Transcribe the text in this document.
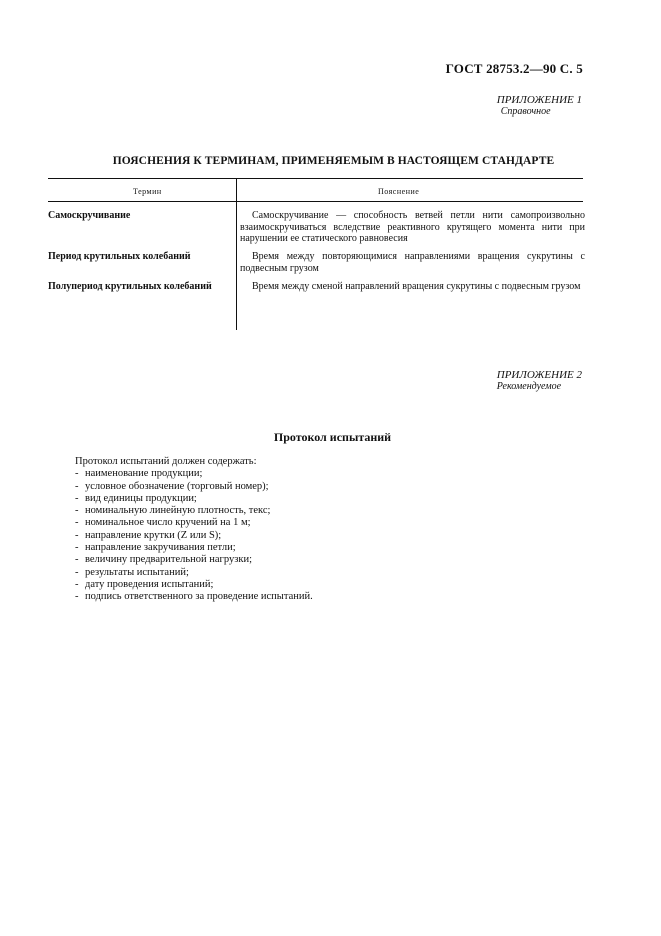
ГОСТ 28753.2—90 С. 5
ПРИЛОЖЕНИЕ 1
Справочное
ПОЯСНЕНИЯ К ТЕРМИНАМ, ПРИМЕНЯЕМЫМ В НАСТОЯЩЕМ СТАНДАРТЕ
Термин	Пояснение
Самоскручивание	Самоскручивание — способность ветвей петли нити самопроизвольно взаимоскручиваться вследствие реактивного крутящего момента нити при нарушении ее статического равновесия
Период крутильных колебаний	Время между повторяющимися направлениями вращения сукрутины с подвесным грузом
Полупериод крутильных колебаний	Время между сменой направлений вращения сукрутины с подвесным грузом
ПРИЛОЖЕНИЕ 2
Рекомендуемое
Протокол испытаний

Протокол испытаний должен содержать:

- наименование продукции;
- условное обозначение (торговый номер);
- вид единицы продукции;
- номинальную линейную плотность, текс;
- номинальное число кручений на 1 м;
- направление крутки (Z или S);
- направление закручивания петли;
- величину предварительной нагрузки;
- результаты испытаний;
- дату проведения испытаний;
- подпись ответственного за проведение испытаний.
